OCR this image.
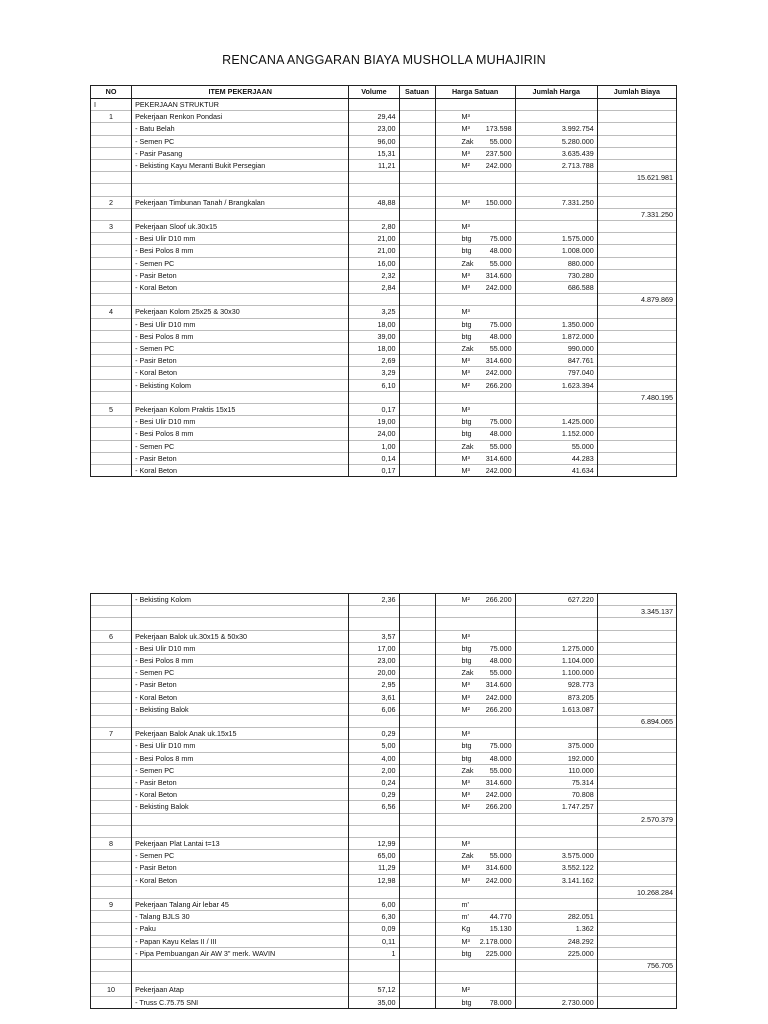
RENCANA ANGGARAN BIAYA MUSHOLLA MUHAJIRIN
NO	ITEM PEKERJAAN	Volume	Satuan	Harga Satuan	Jumlah Harga	Jumlah Biaya
I	PEKERJAAN STRUKTUR					
1	Pekerjaan Renkon Pondasi	29,44	M³			
	- Batu Belah	23,00	M³	173.598	3.992.754	
	- Semen PC	96,00	Zak	55.000	5.280.000	
	- Pasir Pasang	15,31	M³	237.500	3.635.439	
	- Bekisting Kayu Meranti Bukit Persegian	11,21	M²	242.000	2.713.788	
						15.621.981

2	Pekerjaan Timbunan Tanah / Brangkalan	48,88	M³	150.000	7.331.250	
						7.331.250
3	Pekerjaan Sloof uk.30x15	2,80	M³			
	- Besi Ulir D10 mm	21,00	btg	75.000	1.575.000	
	- Besi Polos 8 mm	21,00	btg	48.000	1.008.000	
	- Semen PC	16,00	Zak	55.000	880.000	
	- Pasir Beton	2,32	M³	314.600	730.280	
	- Koral Beton	2,84	M³	242.000	686.588	
						4.879.869
4	Pekerjaan Kolom 25x25 & 30x30	3,25	M³			
	- Besi Ulir D10 mm	18,00	btg	75.000	1.350.000	
	- Besi Polos 8 mm	39,00	btg	48.000	1.872.000	
	- Semen PC	18,00	Zak	55.000	990.000	
	- Pasir Beton	2,69	M³	314.600	847.761	
	- Koral Beton	3,29	M³	242.000	797.040	
	- Bekisting Kolom	6,10	M²	266.200	1.623.394	
						7.480.195
5	Pekerjaan Kolom Praktis 15x15	0,17	M³			
	- Besi Ulir D10 mm	19,00	btg	75.000	1.425.000	
	- Besi Polos 8 mm	24,00	btg	48.000	1.152.000	
	- Semen PC	1,00	Zak	55.000	55.000	
	- Pasir Beton	0,14	M³	314.600	44.283	
	- Koral Beton	0,17	M³	242.000	41.634	
	- Bekisting Kolom	2,36	M²	266.200	627.220	
						3.345.137

6	Pekerjaan Balok uk.30x15 & 50x30	3,57	M³			
	- Besi Ulir D10 mm	17,00	btg	75.000	1.275.000	
	- Besi Polos 8 mm	23,00	btg	48.000	1.104.000	
	- Semen PC	20,00	Zak	55.000	1.100.000	
	- Pasir Beton	2,95	M³	314.600	928.773	
	- Koral Beton	3,61	M³	242.000	873.205	
	- Bekisting Balok	6,06	M²	266.200	1.613.087	
						6.894.065
7	Pekerjaan Balok Anak uk.15x15	0,29	M³			
	- Besi Ulir D10 mm	5,00	btg	75.000	375.000	
	- Besi Polos 8 mm	4,00	btg	48.000	192.000	
	- Semen PC	2,00	Zak	55.000	110.000	
	- Pasir Beton	0,24	M³	314.600	75.314	
	- Koral Beton	0,29	M³	242.000	70.808	
	- Bekisting Balok	6,56	M²	266.200	1.747.257	
						2.570.379

8	Pekerjaan Plat Lantai t=13	12,99	M³			
	- Semen PC	65,00	Zak	55.000	3.575.000	
	- Pasir Beton	11,29	M³	314.600	3.552.122	
	- Koral Beton	12,98	M³	242.000	3.141.162	
						10.268.284
9	Pekerjaan Talang Air lebar 45	6,00	m'			
	- Talang BJLS 30	6,30	m'	44.770	282.051	
	- Paku	0,09	Kg	15.130	1.362	
	- Papan Kayu Kelas II / III	0,11	M³	2.178.000	248.292	
	- Pipa Pembuangan Air AW 3" merk. WAVIN	1	btg	225.000	225.000	
						756.705

10	Pekerjaan Atap	57,12	M²			
	- Truss C.75.75 SNI	35,00	btg	78.000	2.730.000	
